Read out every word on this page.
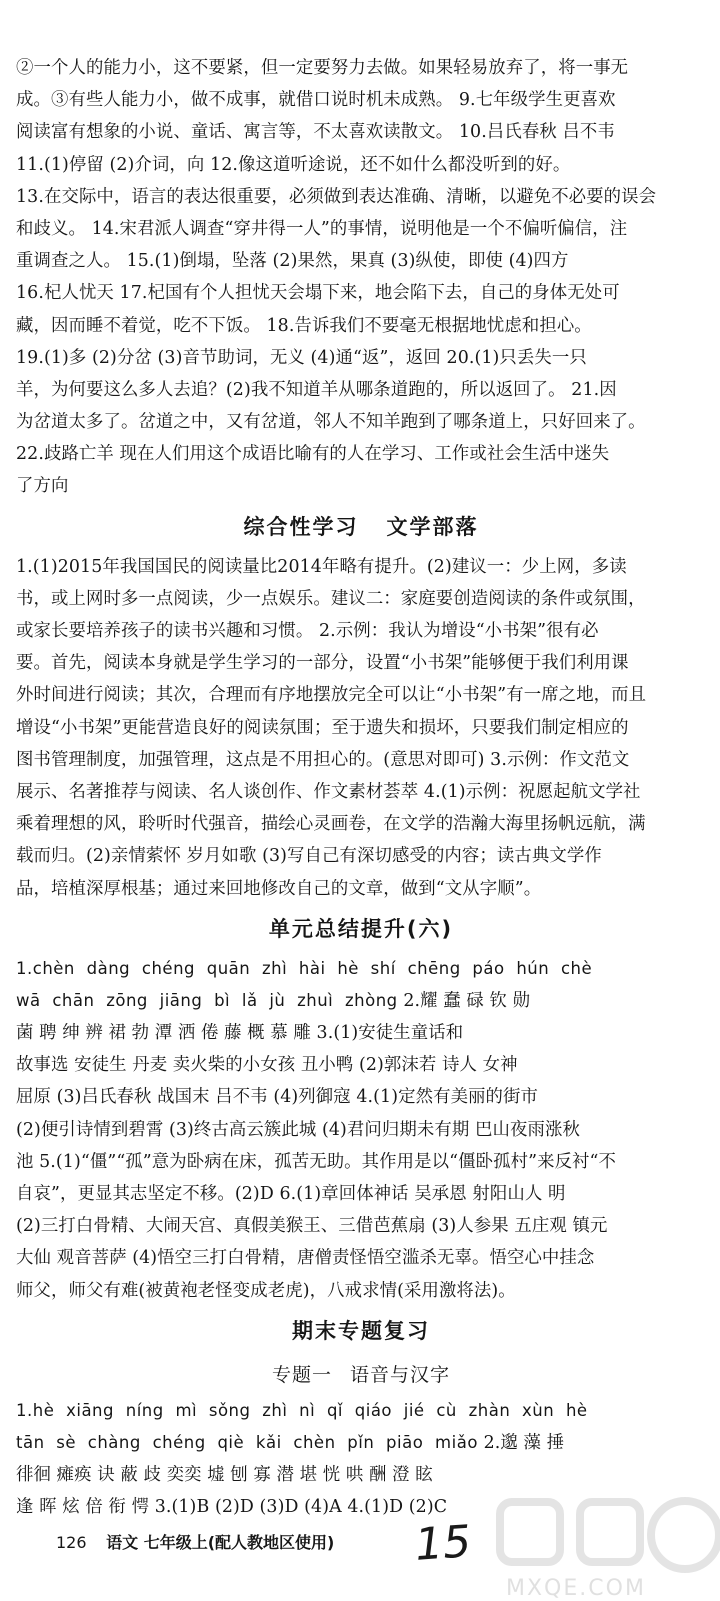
②一个人的能力小，这不要紧，但一定要努力去做。如果轻易放弃了，将一事无
成。③有些人能力小，做不成事，就借口说时机未成熟。 9.七年级学生更喜欢
阅读富有想象的小说、童话、寓言等，不太喜欢读散文。 10.吕氏春秋 吕不韦
11.(1)停留 (2)介词，向 12.像这道听途说，还不如什么都没听到的好。
13.在交际中，语言的表达很重要，必须做到表达准确、清晰，以避免不必要的误会
和歧义。 14.宋君派人调查“穿井得一人”的事情，说明他是一个不偏听偏信，注
重调查之人。 15.(1)倒塌，坠落 (2)果然，果真 (3)纵使，即使 (4)四方
16.杞人忧天 17.杞国有个人担忧天会塌下来，地会陷下去，自己的身体无处可
藏，因而睡不着觉，吃不下饭。 18.告诉我们不要毫无根据地忧虑和担心。
19.(1)多 (2)分岔 (3)音节助词，无义 (4)通“返”，返回 20.(1)只丢失一只
羊，为何要这么多人去追？(2)我不知道羊从哪条道跑的，所以返回了。 21.因
为岔道太多了。岔道之中，又有岔道，邻人不知羊跑到了哪条道上，只好回来了。
22.歧路亡羊 现在人们用这个成语比喻有的人在学习、工作或社会生活中迷失
了方向
综合性学习 文学部落
1.(1)2015年我国国民的阅读量比2014年略有提升。(2)建议一：少上网，多读
书，或上网时多一点阅读，少一点娱乐。建议二：家庭要创造阅读的条件或氛围，
或家长要培养孩子的读书兴趣和习惯。 2.示例：我认为增设“小书架”很有必
要。首先，阅读本身就是学生学习的一部分，设置“小书架”能够便于我们利用课
外时间进行阅读；其次，合理而有序地摆放完全可以让“小书架”有一席之地，而且
增设“小书架”更能营造良好的阅读氛围；至于遗失和损坏，只要我们制定相应的
图书管理制度，加强管理，这点是不用担心的。(意思对即可) 3.示例：作文范文
展示、名著推荐与阅读、名人谈创作、作文素材荟萃 4.(1)示例：祝愿起航文学社
乘着理想的风，聆听时代强音，描绘心灵画卷，在文学的浩瀚大海里扬帆远航，满
载而归。(2)亲情萦怀 岁月如歌 (3)写自己有深切感受的内容；读古典文学作
品，培植深厚根基；通过来回地修改自己的文章，做到“文从字顺”。
单元总结提升(六)
1.chèn dàng chéng quān zhì hài hè shí chēng páo hún chè
wā chān zōng jiāng bì lǎ jù zhuì zhòng 2.耀 蠢 碌 钦 勋
菌 聘 绅 辨 裙 勃 潭 洒 倦 藤 概 慕 雕 3.(1)安徒生童话和
故事选 安徒生 丹麦 卖火柴的小女孩 丑小鸭 (2)郭沫若 诗人 女神
屈原 (3)吕氏春秋 战国末 吕不韦 (4)列御寇 4.(1)定然有美丽的街市
(2)便引诗情到碧霄 (3)终古高云簇此城 (4)君问归期未有期 巴山夜雨涨秋
池 5.(1)“僵”“孤”意为卧病在床，孤苦无助。其作用是以“僵卧孤村”来反衬“不
自哀”，更显其志坚定不移。(2)D 6.(1)章回体神话 吴承恩 射阳山人 明
(2)三打白骨精、大闹天宫、真假美猴王、三借芭蕉扇 (3)人参果 五庄观 镇元
大仙 观音菩萨 (4)悟空三打白骨精，唐僧责怪悟空滥杀无辜。悟空心中挂念
师父，师父有难(被黄袍老怪变成老虎)，八戒求情(采用激将法)。
期末专题复习
专题一 语音与汉字
1.hè xiāng níng mì sǒng zhì nì qǐ qiáo jié cù zhàn xùn hè
tān sè chàng chéng qiè kǎi chèn pǐn piāo miǎo 2.邈 藻 捶
徘徊 瘫痪 诀 蔽 歧 奕奕 墟 刨 寡 潜 堪 恍 哄 酬 澄 眩
逢 晖 炫 倍 衔 愕 3.(1)B (2)D (3)D (4)A 4.(1)D (2)C
126 语文 七年级上(配人教地区使用) 15
MXQE.COM
